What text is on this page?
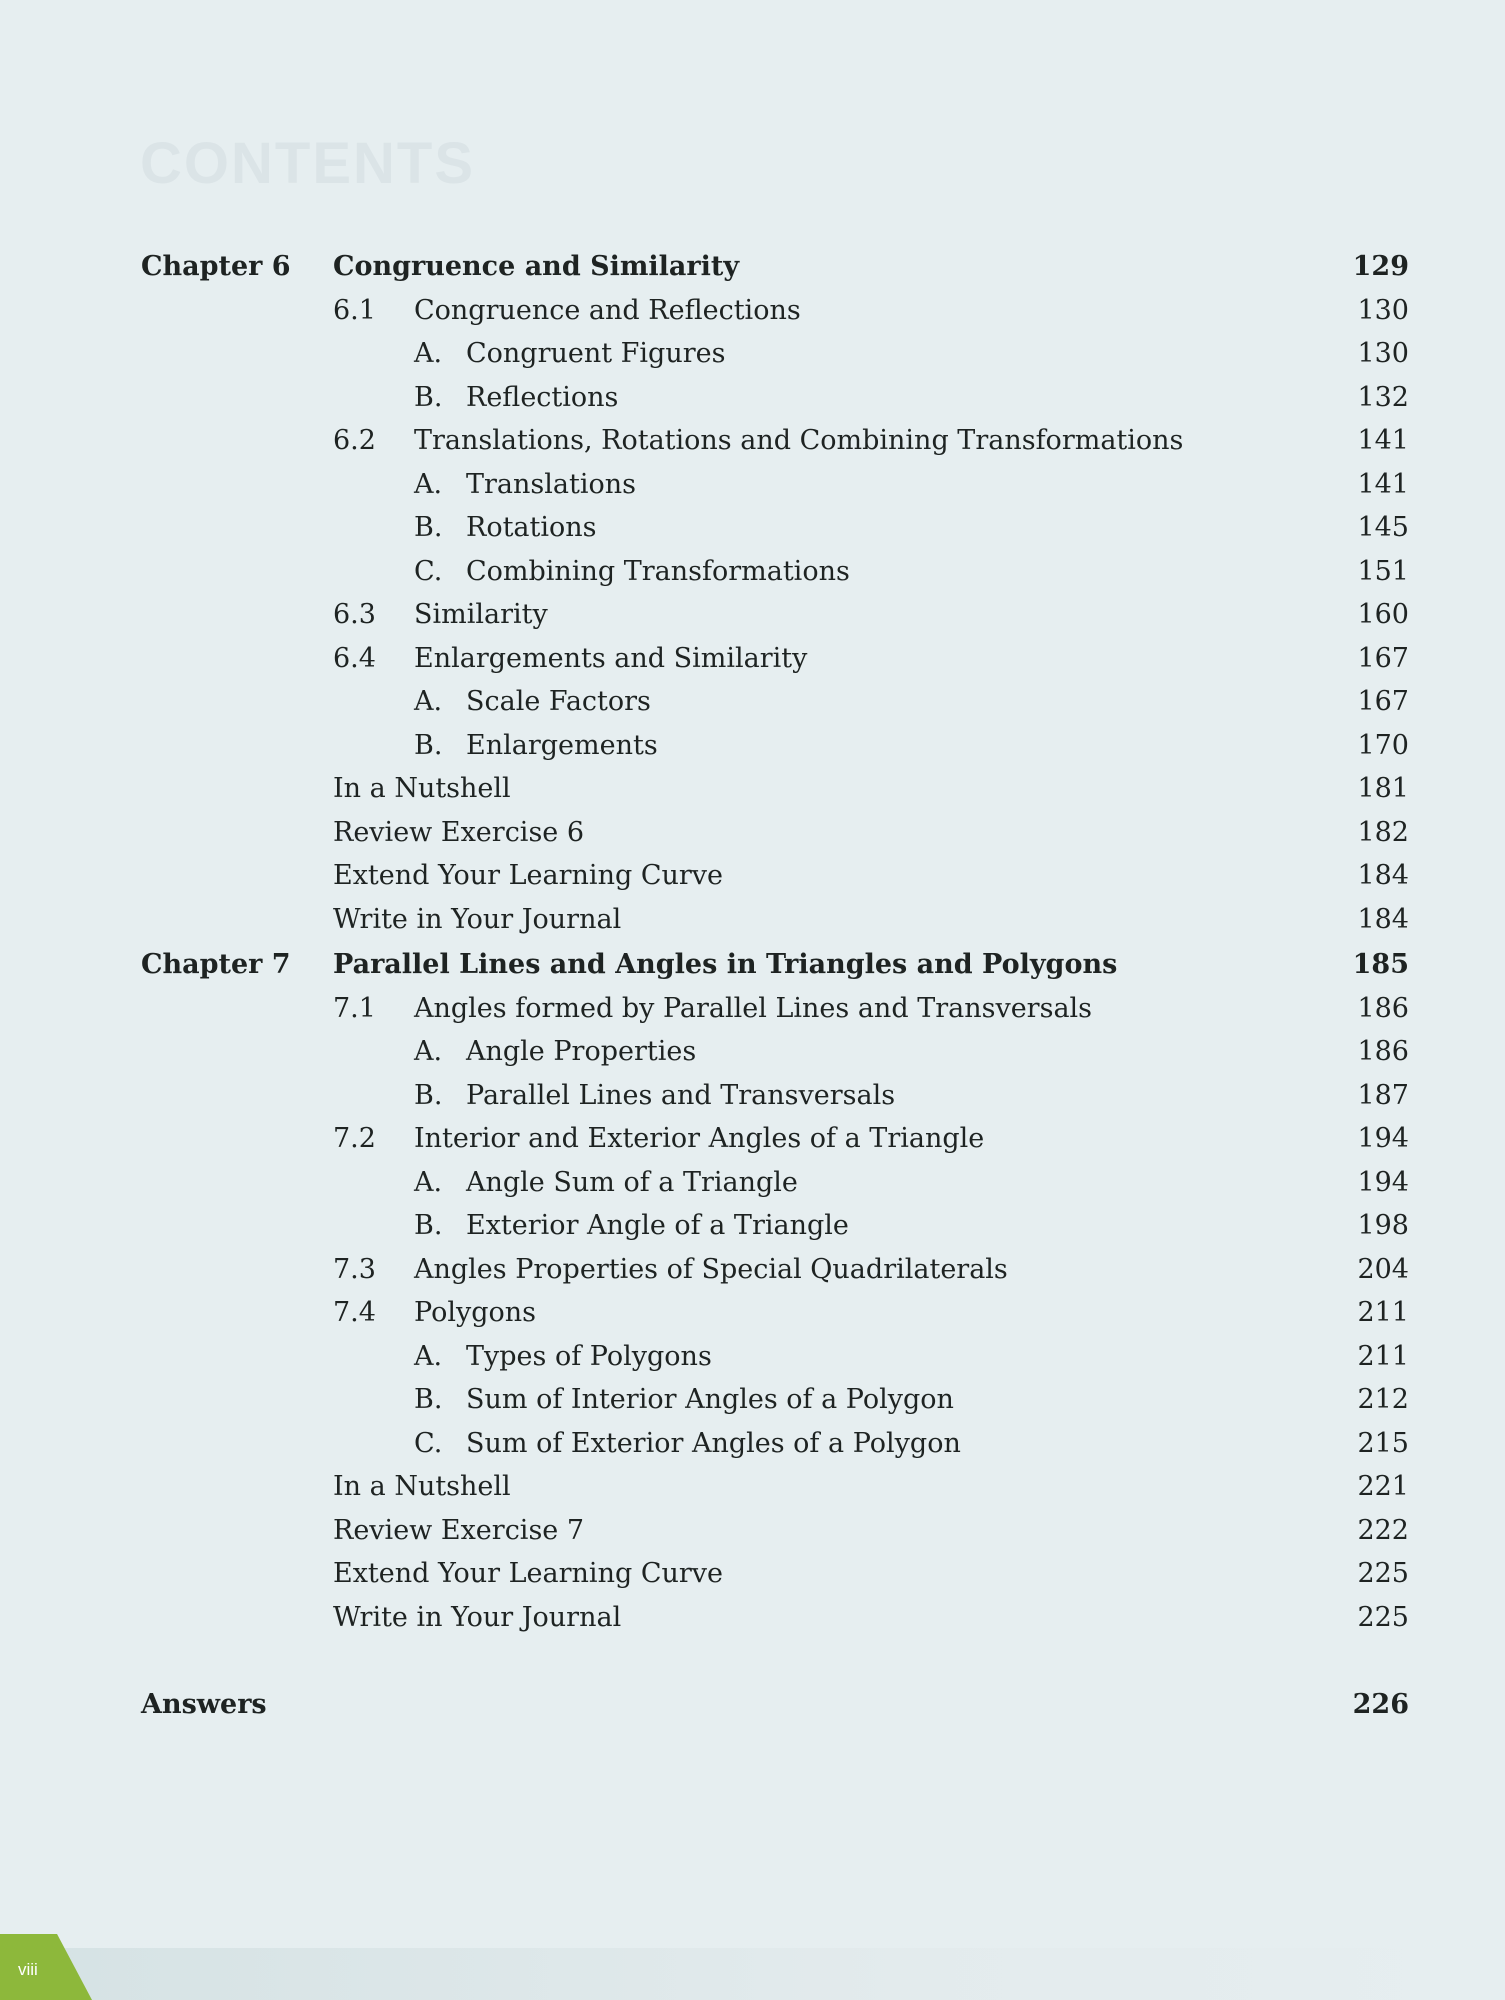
CONTENTS
Chapter 6 Congruence and Similarity	129
6.1 Congruence and Reflections	130
A. Congruent Figures	130
B. Reflections	132
6.2 Translations, Rotations and Combining Transformations	141
A. Translations	141
B. Rotations	145
C. Combining Transformations	151
6.3 Similarity	160
6.4 Enlargements and Similarity	167
A. Scale Factors	167
B. Enlargements	170
In a Nutshell	181
Review Exercise 6	182
Extend Your Learning Curve	184
Write in Your Journal	184
Chapter 7 Parallel Lines and Angles in Triangles and Polygons	185
7.1 Angles formed by Parallel Lines and Transversals	186
A. Angle Properties	186
B. Parallel Lines and Transversals	187
7.2 Interior and Exterior Angles of a Triangle	194
A. Angle Sum of a Triangle	194
B. Exterior Angle of a Triangle	198
7.3 Angles Properties of Special Quadrilaterals	204
7.4 Polygons	211
A. Types of Polygons	211
B. Sum of Interior Angles of a Polygon	212
C. Sum of Exterior Angles of a Polygon	215
In a Nutshell	221
Review Exercise 7	222
Extend Your Learning Curve	225
Write in Your Journal	225
Answers	226
viii
